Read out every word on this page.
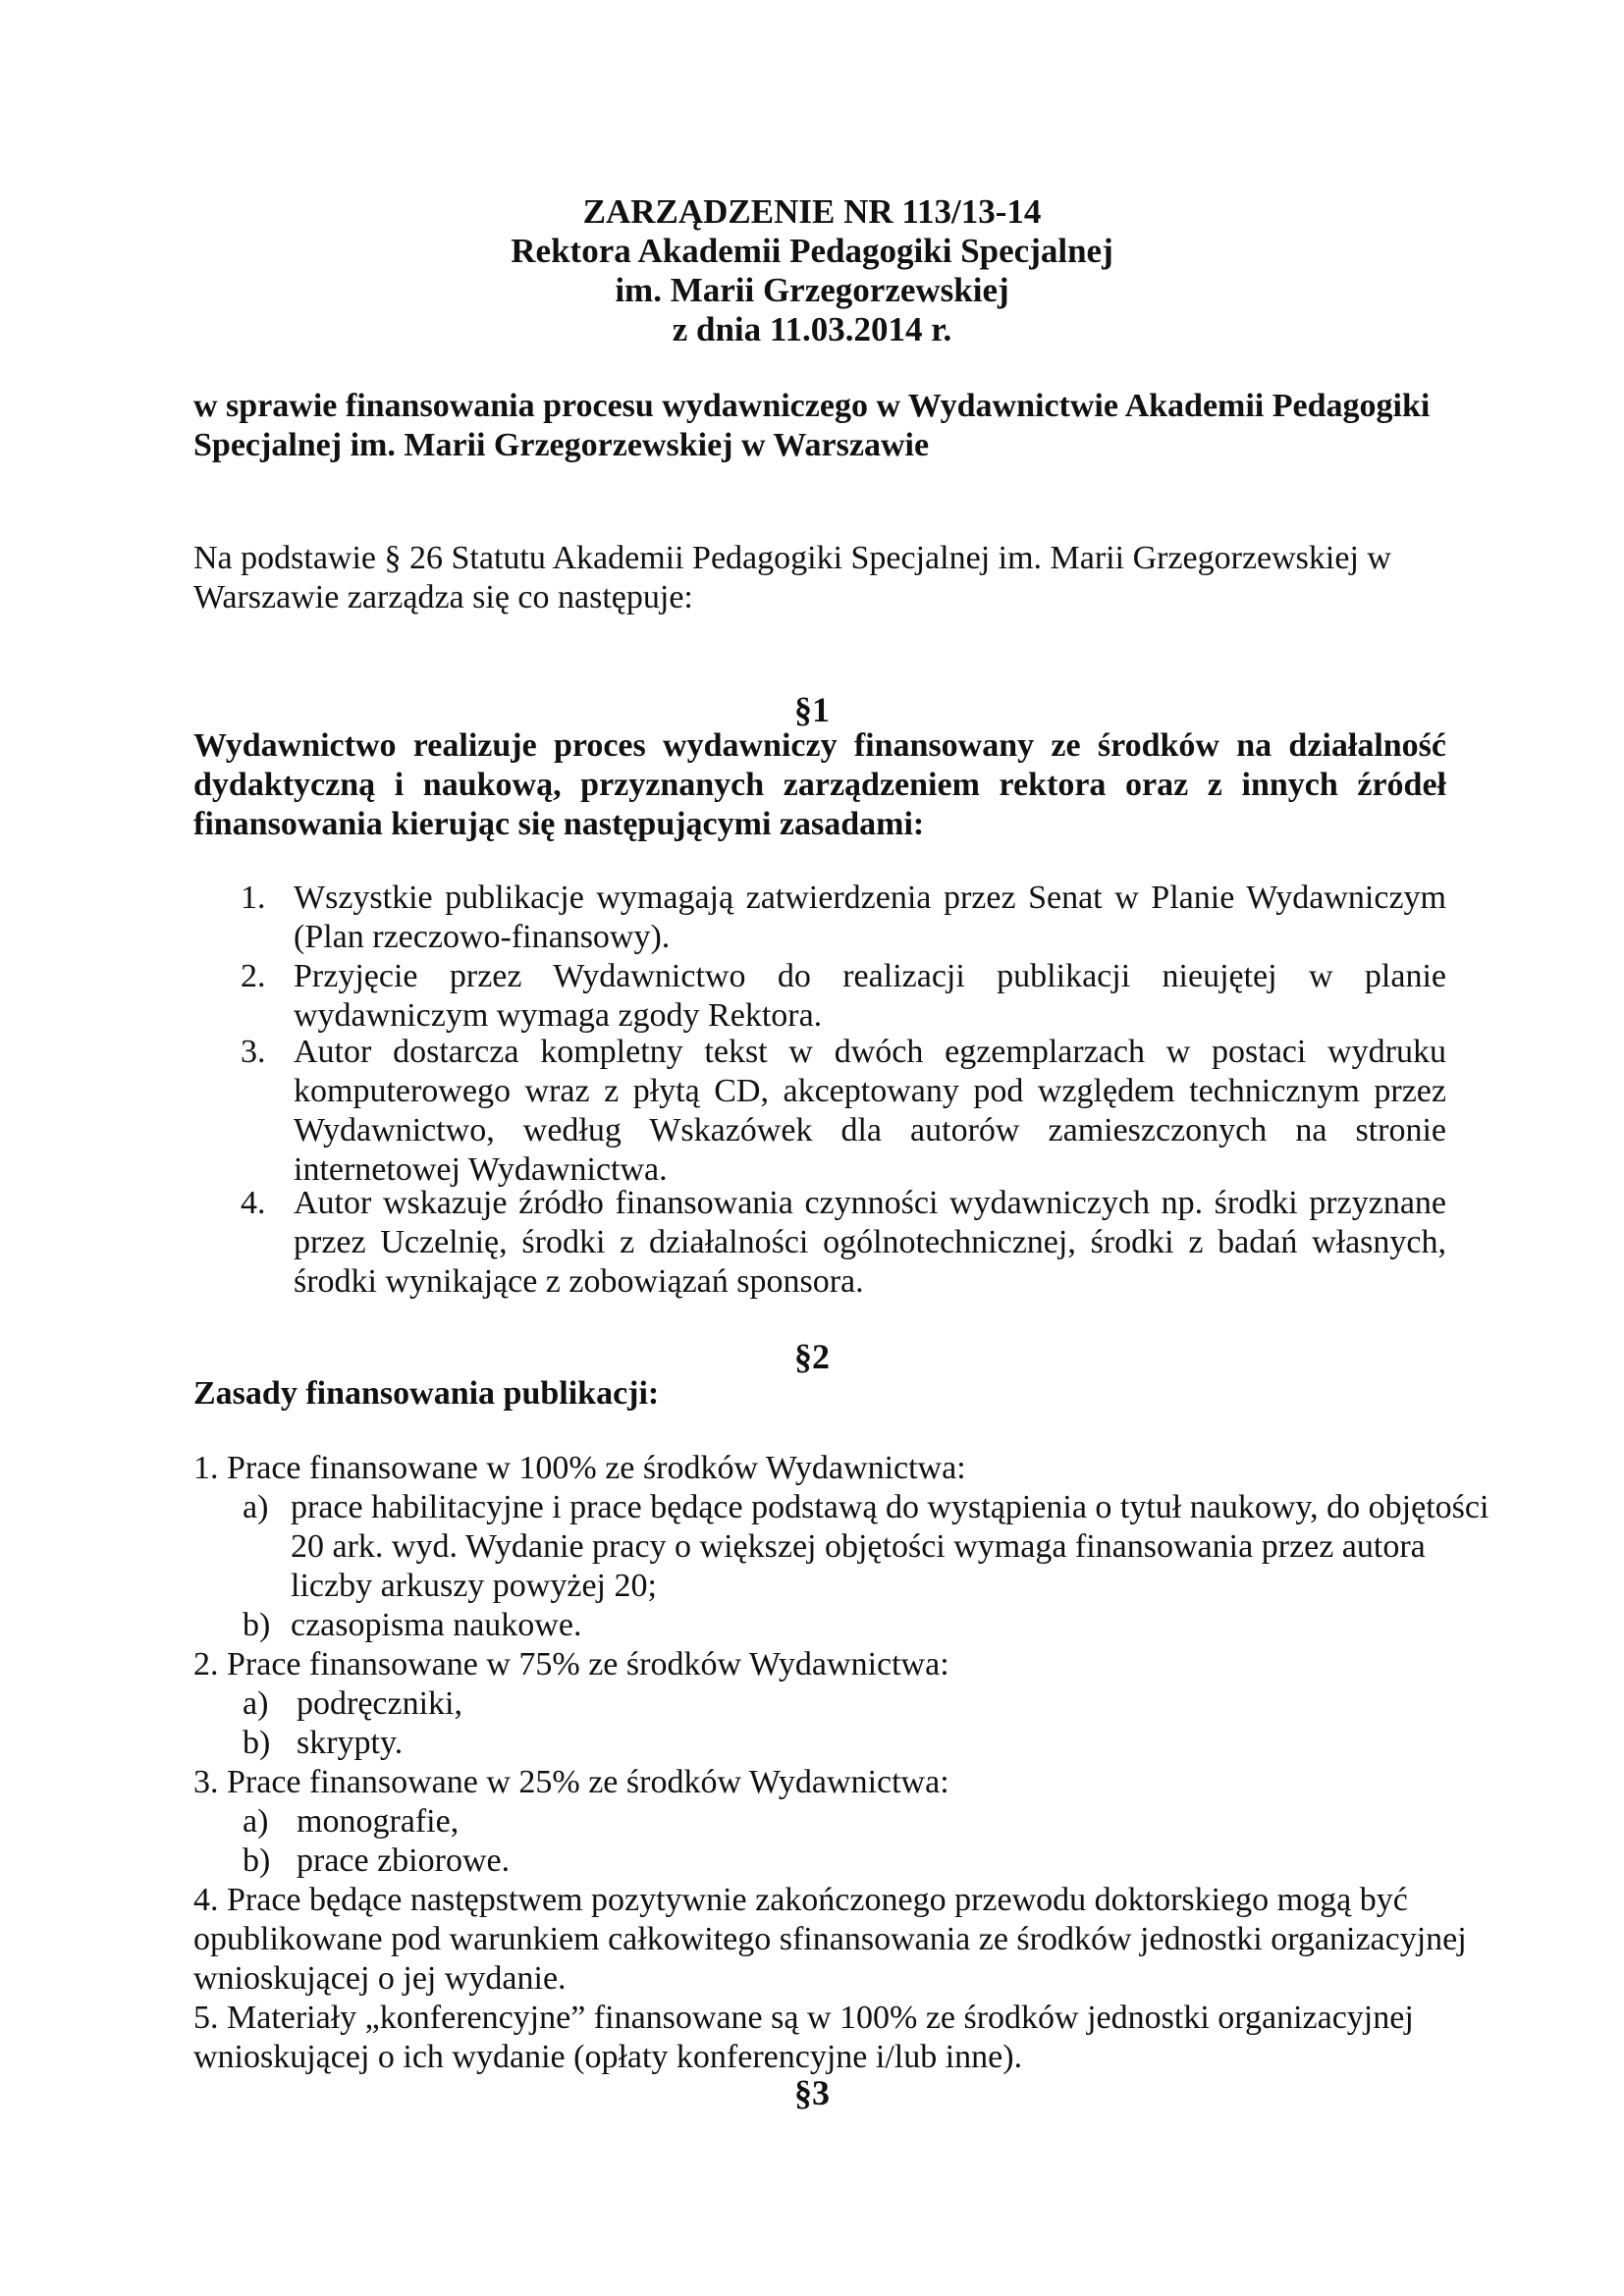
ZARZĄDZENIE NR 113/13-14
Rektora Akademii Pedagogiki Specjalnej
im. Marii Grzegorzewskiej
z dnia 11.03.2014 r.
w sprawie finansowania procesu wydawniczego w Wydawnictwie Akademii Pedagogiki
Specjalnej im. Marii Grzegorzewskiej w Warszawie
Na podstawie § 26 Statutu Akademii Pedagogiki Specjalnej im. Marii Grzegorzewskiej w
Warszawie zarządza się co następuje:
§1
Wydawnictwo realizuje proces wydawniczy finansowany ze środków na działalność dydaktyczną i naukową, przyznanych zarządzeniem rektora oraz z innych źródeł finansowania kierując się następującymi zasadami:
1. Wszystkie publikacje wymagają zatwierdzenia przez Senat w Planie Wydawniczym (Plan rzeczowo-finansowy).
2. Przyjęcie przez Wydawnictwo do realizacji publikacji nieujętej w planie wydawniczym wymaga zgody Rektora.
3. Autor dostarcza kompletny tekst w dwóch egzemplarzach w postaci wydruku komputerowego wraz z płytą CD, akceptowany pod względem technicznym przez Wydawnictwo, według Wskazówek dla autorów zamieszczonych na stronie internetowej Wydawnictwa.
4. Autor wskazuje źródło finansowania czynności wydawniczych np. środki przyznane przez Uczelnię, środki z działalności ogólnotechnicznej, środki z badań własnych, środki wynikające z zobowiązań sponsora.
§2
Zasady finansowania publikacji:
1. Prace finansowane w 100% ze środków Wydawnictwa:
a) prace habilitacyjne i prace będące podstawą do wystąpienia o tytuł naukowy, do objętości
20 ark. wyd. Wydanie pracy o większej objętości wymaga finansowania przez autora
liczby arkuszy powyżej 20;
b) czasopisma naukowe.
2. Prace finansowane w 75% ze środków Wydawnictwa:
a) podręczniki,
b) skrypty.
3. Prace finansowane w 25% ze środków Wydawnictwa:
a) monografie,
b) prace zbiorowe.
4. Prace będące następstwem pozytywnie zakończonego przewodu doktorskiego mogą być
opublikowane pod warunkiem całkowitego sfinansowania ze środków jednostki organizacyjnej
wnioskującej o jej wydanie.
5. Materiały „konferencyjne” finansowane są w 100% ze środków jednostki organizacyjnej
wnioskującej o ich wydanie (opłaty konferencyjne i/lub inne).
§3
